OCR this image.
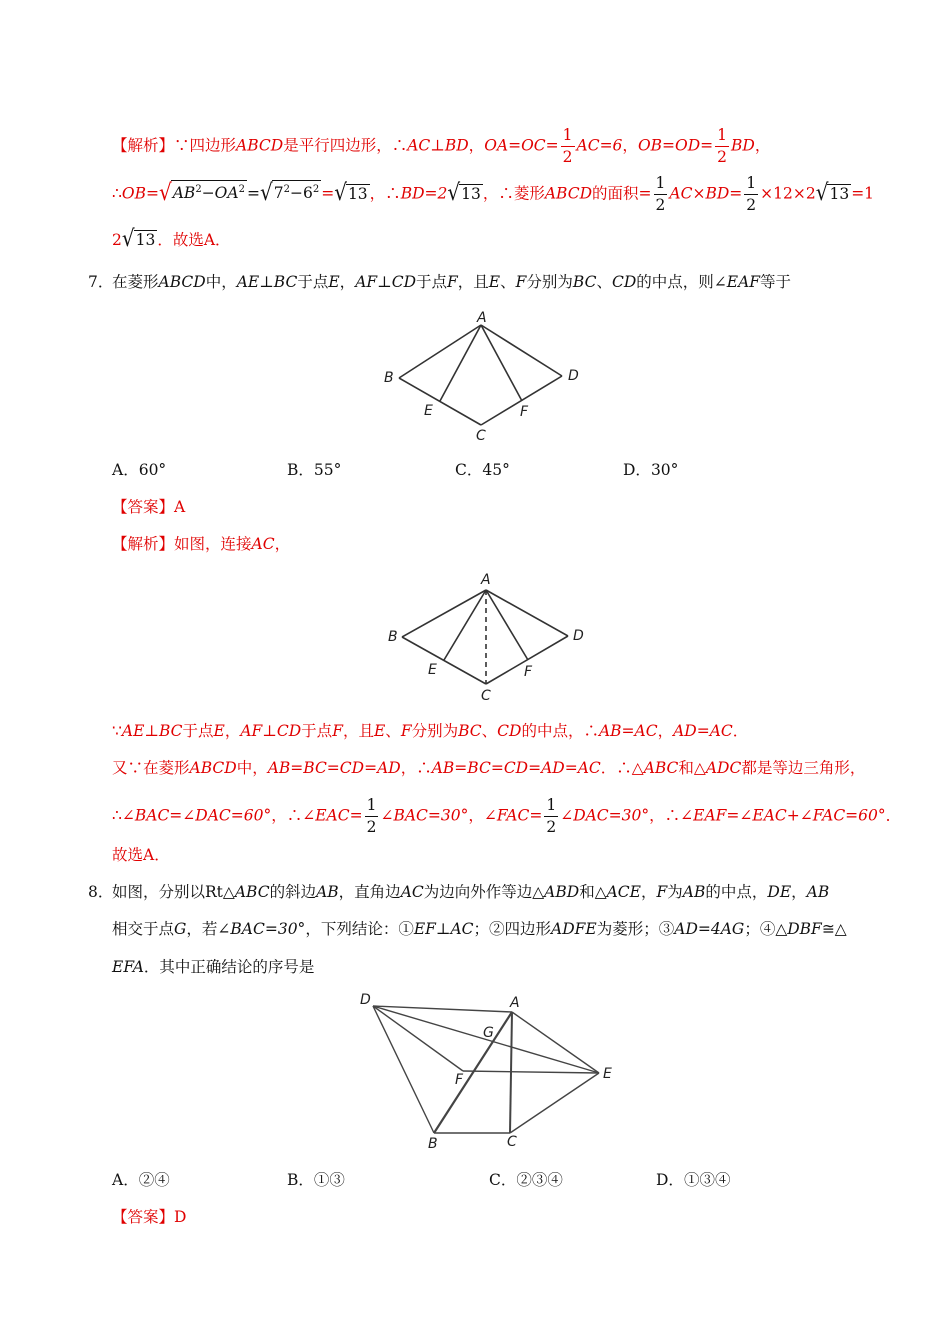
【解析】∵四边形ABCD是平行四边形，∴AC⊥BD，$OA=OC= \frac{1}{2} AC=6$，$OB=OD= \frac{1}{2}$ BD，
$\therefore OB=√AB^2-OA^2 =√7^2-6^2 =√13$ ，∴BD=2√13 ，∴菱形ABCD的面积= $\frac{1}{2} AC\times BD= \frac{1}{2} \times 12\times 2√13 =1$
2√13 ．故选A．
7．在菱形ABCD中，AE⊥BC于点E，AF⊥CD于点F，且E、F分别为BC、CD的中点，则∠EAF等于
A
B
C
D
E	F
A．60°	B．55°	C．45°	D．30°
【答案】A
【解析】如图，连接AC，
A
B
C
D
E	F
∵AE⊥BC于点E，AF⊥CD于点F，且E、F分别为BC、CD的中点，∴AB=AC，AD=AC．
又∵在菱形ABCD中，AB=BC=CD=AD，∴AB=BC=CD=AD=AC．∴△ABC和△ADC都是等边三角形，
∴∠BAC=∠DAC=60°，∴∠EAC= $\frac{1}{2}$ ∠BAC=30°，∠FAC= $\frac{1}{2}$ ∠DAC=30°，∴∠EAF=∠EAC+∠FAC=60°．
故选A．
8．如图，分别以Rt△ABC的斜边AB，直角边AC为边向外作等边△ABD和△ACE，F为AB的中点，DE，AB
相交于点G，若∠BAC=30°，下列结论：①EF⊥AC；②四边形ADFE为菱形；③AD=4AG；④△DBF≅△
EFA．其中正确结论的序号是
D	A
G
F	E
B	C
A．②④	B．①③	C．②③④	D．①③④
【答案】D
